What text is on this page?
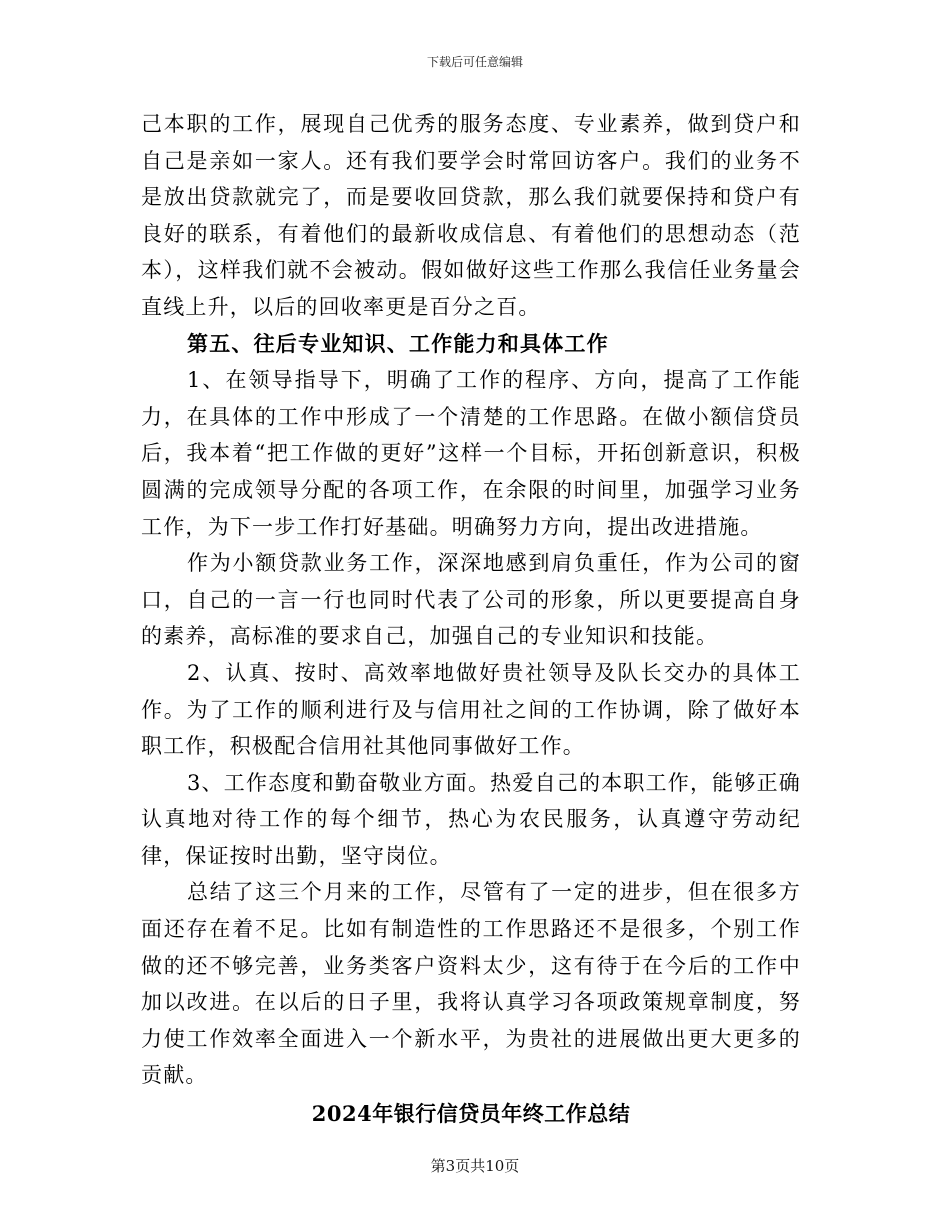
下载后可任意编辑

己本职的工作，展现自己优秀的服务态度、专业素养，做到贷户和自己是亲如一家人。还有我们要学会时常回访客户。我们的业务不是放出贷款就完了，而是要收回贷款，那么我们就要保持和贷户有良好的联系，有着他们的最新收成信息、有着他们的思想动态（范本），这样我们就不会被动。假如做好这些工作那么我信任业务量会直线上升，以后的回收率更是百分之百。

第五、往后专业知识、工作能力和具体工作

1、在领导指导下，明确了工作的程序、方向，提高了工作能力，在具体的工作中形成了一个清楚的工作思路。在做小额信贷员后，我本着“把工作做的更好”这样一个目标，开拓创新意识，积极圆满的完成领导分配的各项工作，在余限的时间里，加强学习业务工作，为下一步工作打好基础。明确努力方向，提出改进措施。

作为小额贷款业务工作，深深地感到肩负重任，作为公司的窗口，自己的一言一行也同时代表了公司的形象，所以更要提高自身的素养，高标准的要求自己，加强自己的专业知识和技能。

2、认真、按时、高效率地做好贵社领导及队长交办的具体工作。为了工作的顺利进行及与信用社之间的工作协调，除了做好本职工作，积极配合信用社其他同事做好工作。

3、工作态度和勤奋敬业方面。热爱自己的本职工作，能够正确认真地对待工作的每个细节，热心为农民服务，认真遵守劳动纪律，保证按时出勤，坚守岗位。

总结了这三个月来的工作，尽管有了一定的进步，但在很多方面还存在着不足。比如有制造性的工作思路还不是很多，个别工作做的还不够完善，业务类客户资料太少，这有待于在今后的工作中加以改进。在以后的日子里，我将认真学习各项政策规章制度，努力使工作效率全面进入一个新水平，为贵社的进展做出更大更多的贡献。

2024年银行信贷员年终工作总结

第3页共10页
